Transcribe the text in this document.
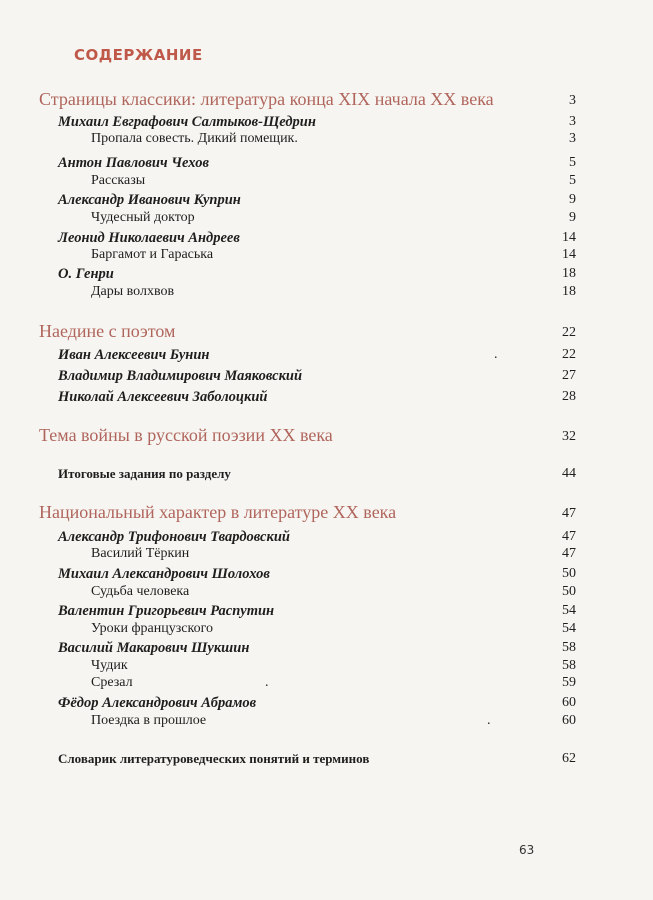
СОДЕРЖАНИЕ
Страницы классики: литература конца XIX начала XX века	3
Михаил Евграфович Салтыков-Щедрин	3
Пропала совесть. Дикий помещик.	3
Антон Павлович Чехов	5
Рассказы	5
Александр Иванович Куприн	9
Чудесный доктор	9
Леонид Николаевич Андреев	14
Баргамот и Гараська	14
О. Генри	18
Дары волхвов	18
Наедине с поэтом	22
Иван Алексеевич Бунин	.	22
Владимир Владимирович Маяковский	27
Николай Алексеевич Заболоцкий	28
Тема войны в русской поэзии XX века	32
Итоговые задания по разделу	44
Национальный характер в литературе XX века	47
Александр Трифонович Твардовский	47
Василий Тёркин	47
Михаил Александрович Шолохов	50
Судьба человека	50
Валентин Григорьевич Распутин	54
Уроки французского	54
Василий Макарович Шукшин	58
Чудик	58
Срезал	.	59
Фёдор Александрович Абрамов	60
Поездка в прошлое	.	60
Словарик литературоведческих понятий и терминов	62
63
